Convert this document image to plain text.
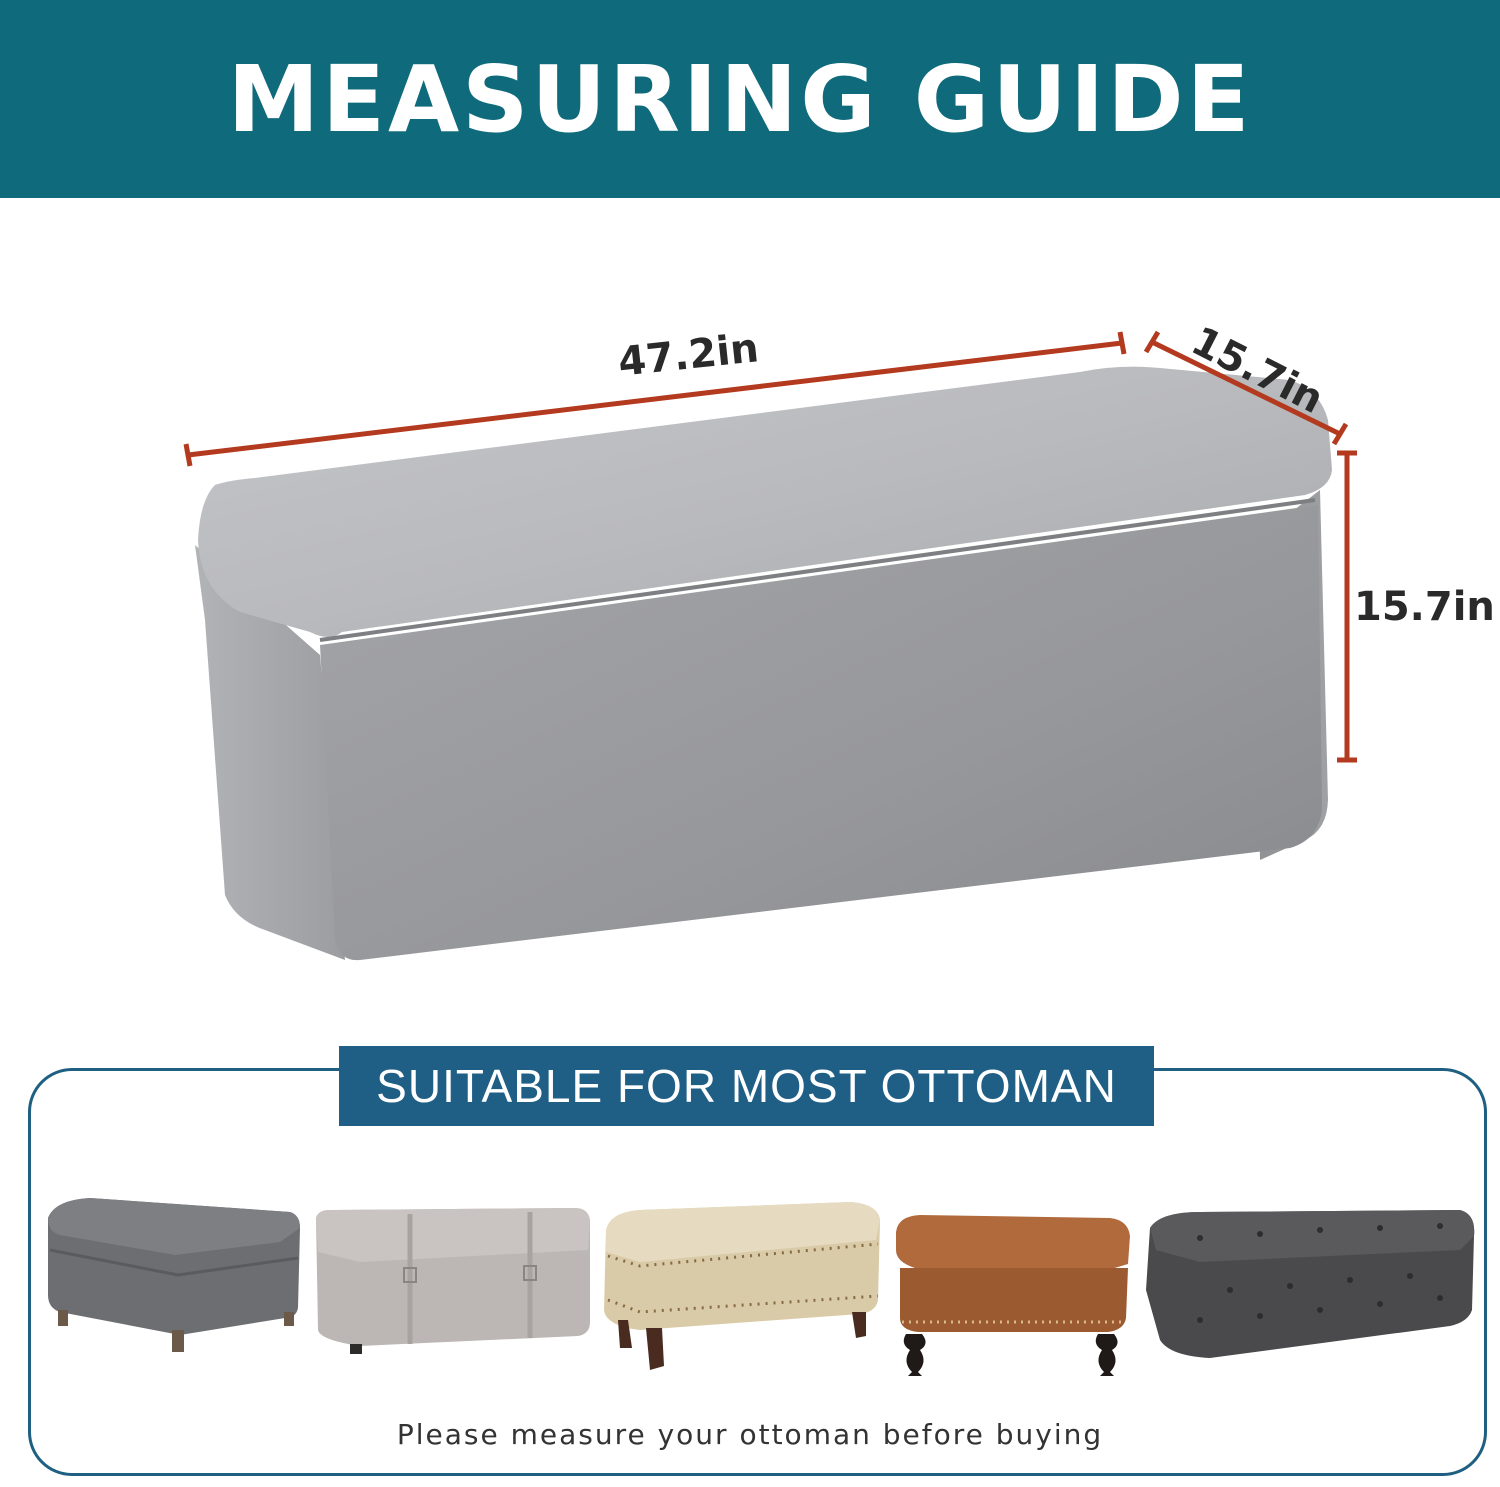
MEASURING GUIDE
47.2in	15.7in
15.7in
SUITABLE FOR MOST OTTOMAN
Please measure your ottoman before buying
